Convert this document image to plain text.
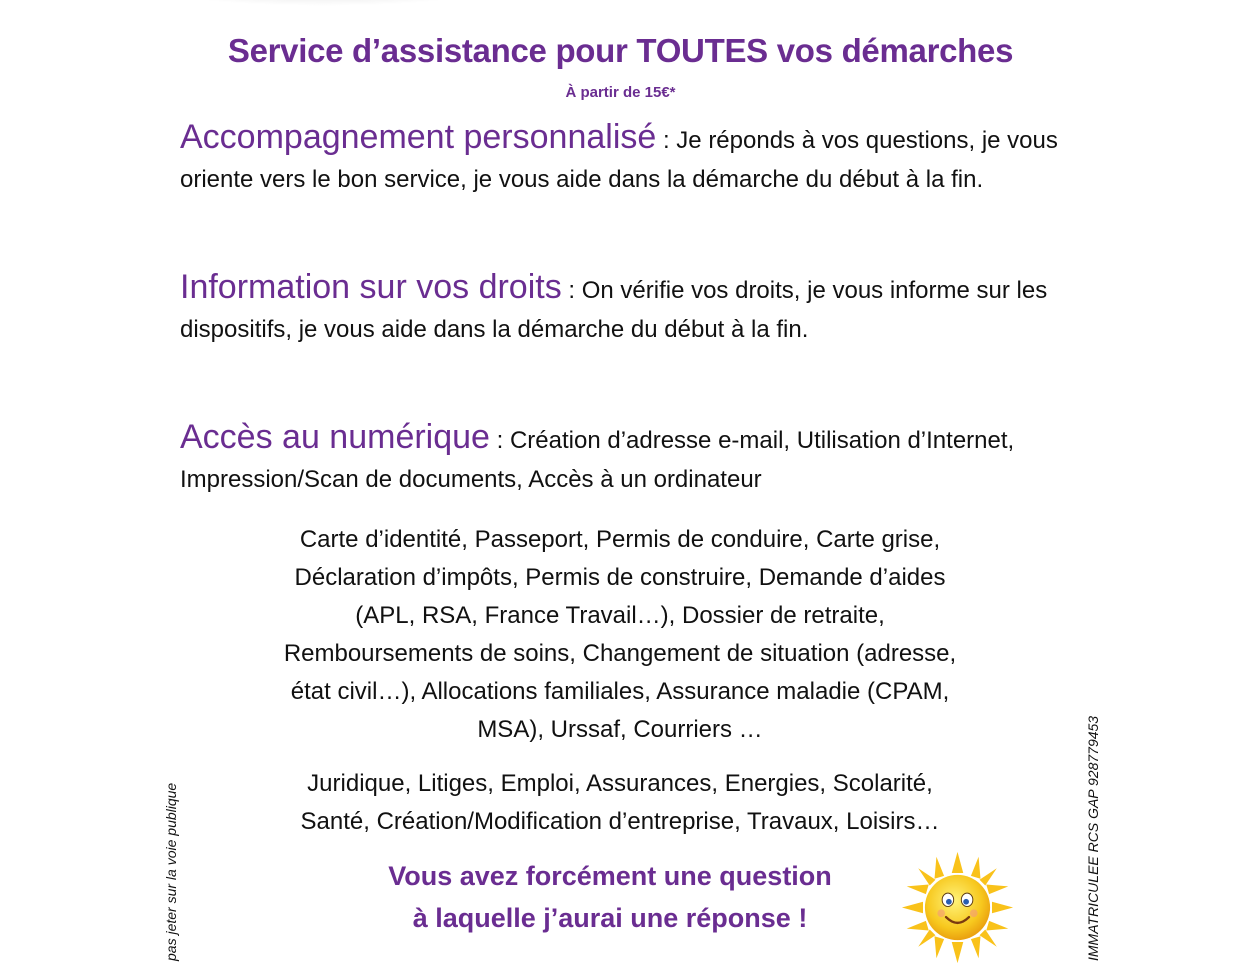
Service d’assistance pour TOUTES vos démarches
À partir de 15€*
Accompagnement personnalisé : Je réponds à vos questions, je vous oriente vers le bon service, je vous aide dans la démarche du début à la fin.
Information sur vos droits : On vérifie vos droits, je vous informe sur les dispositifs, je vous aide dans la démarche du début à la fin.
Accès au numérique : Création d’adresse e-mail, Utilisation d’Internet, Impression/Scan de documents, Accès à un ordinateur
Carte d’identité, Passeport, Permis de conduire, Carte grise,
Déclaration d’impôts, Permis de construire, Demande d’aides
(APL, RSA, France Travail…), Dossier de retraite,
Remboursements de soins, Changement de situation (adresse,
état civil…), Allocations familiales, Assurance maladie (CPAM,
MSA), Urssaf, Courriers …
Juridique, Litiges, Emploi, Assurances, Energies, Scolarité,
Santé, Création/Modification d’entreprise, Travaux, Loisirs…
Vous avez forcément une question
à laquelle j’aurai une réponse !
pas jeter sur la voie publique	IMMATRICULEE RCS GAP 928779453
